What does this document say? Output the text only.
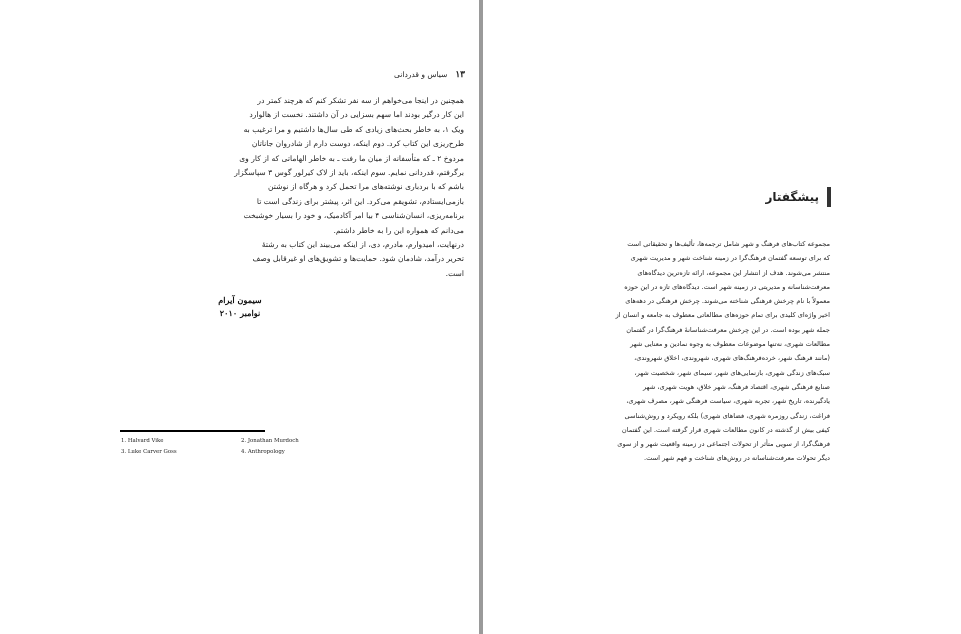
۱۳
سیاس و قدردانی

همچنین در اینجا می‌خواهم از سه نفر تشکر کنم که هرچند کمتر در

این کار درگیر بودند اما سهم بسزایی در آن داشتند. نخست از هالوارد

ویک ۱، به خاطر بحث‌های زیادی که طی سال‌ها داشتیم و مرا ترغیب به

طرح‌ریزی این کتاب کرد. دوم اینکه، دوست دارم از شادروان جاناتان

مردوخ ۲ ـ که متأسفانه از میان ما رفت ـ به خاطر الهاماتی که از کار وی

برگرفتم، قدردانی نمایم. سوم اینکه، باید از لاک کیرلور گوس ۳ سپاسگزار

باشم که با بردباری نوشته‌های مرا تحمل کرد و هرگاه از نوشتن

بازمی‌ایستادم، تشویقم می‌کرد. این اثر، پیشتر برای زندگی است تا

برنامه‌ریزی، انسان‌شناسی ۴ بیا امر آکادمیک، و خود را بسیار خوشبخت

می‌دانم که همواره این را به خاطر داشتم.

درنهایت، امیدوارم، مادرم، دی، از اینکه می‌بیند این کتاب به رشتهٔ

تحریر درآمد، شادمان شود. حمایت‌ها و تشویق‌های او غیرقابل وصف

است.

سیمون آیرام
نوامبر ۲۰۱۰
1. Halvard Vike	2. Jonathan Murdoch
3. Luke Carver Goss	4. Anthropology
پیشگفتار

مجموعه کتاب‌های فرهنگ و شهر شامل ترجمه‌ها، تألیف‌ها و تحقیقاتی است

که برای توسعه گفتمان فرهنگ‌گرا در زمینه شناخت شهر و مدیریت شهری

منتشر می‌شوند. هدف از انتشار این مجموعه، ارائه تازه‌ترین دیدگاه‌های

معرفت‌شناسانه و مدیریتی در زمینه شهر است. دیدگاه‌های تازه در این حوزه

معمولاً با نام چرخش فرهنگی شناخته می‌شوند. چرخش فرهنگی در دهه‌های

اخیر واژه‌ای کلیدی برای تمام حوزه‌های مطالعاتی معطوف به جامعه و انسان از

جمله شهر بوده است. در این چرخش معرفت‌شناسانهٔ فرهنگ‌گرا در گفتمان

مطالعات شهری، نه‌تنها موضوعات معطوف به وجوه نمادین و معنایی شهر

(مانند فرهنگ شهر، خرده‌فرهنگ‌های شهری، شهروندی، اخلاق شهروندی،

سبک‌های زندگی شهری، بازنمایی‌های شهر، سیمای شهر، شخصیت شهر،

صنایع فرهنگی شهری، اقتصاد فرهنگ، شهر خلاق، هویت شهری، شهر

یادگیرنده، تاریخ شهر، تجربه شهری، سیاست فرهنگی شهر، مصرف شهری،

فراغت، زندگی روزمره شهری، فضاهای شهری) بلکه رویکرد و روش‌شناسی

کیفی بیش از گذشته در کانون مطالعات شهری قرار گرفته است. این گفتمان

فرهنگ‌گرا، از سویی متأثر از تحولات اجتماعی در زمینه واقعیت شهر و از سوی

دیگر تحولات معرفت‌شناسانه در روش‌های شناخت و فهم شهر است.
